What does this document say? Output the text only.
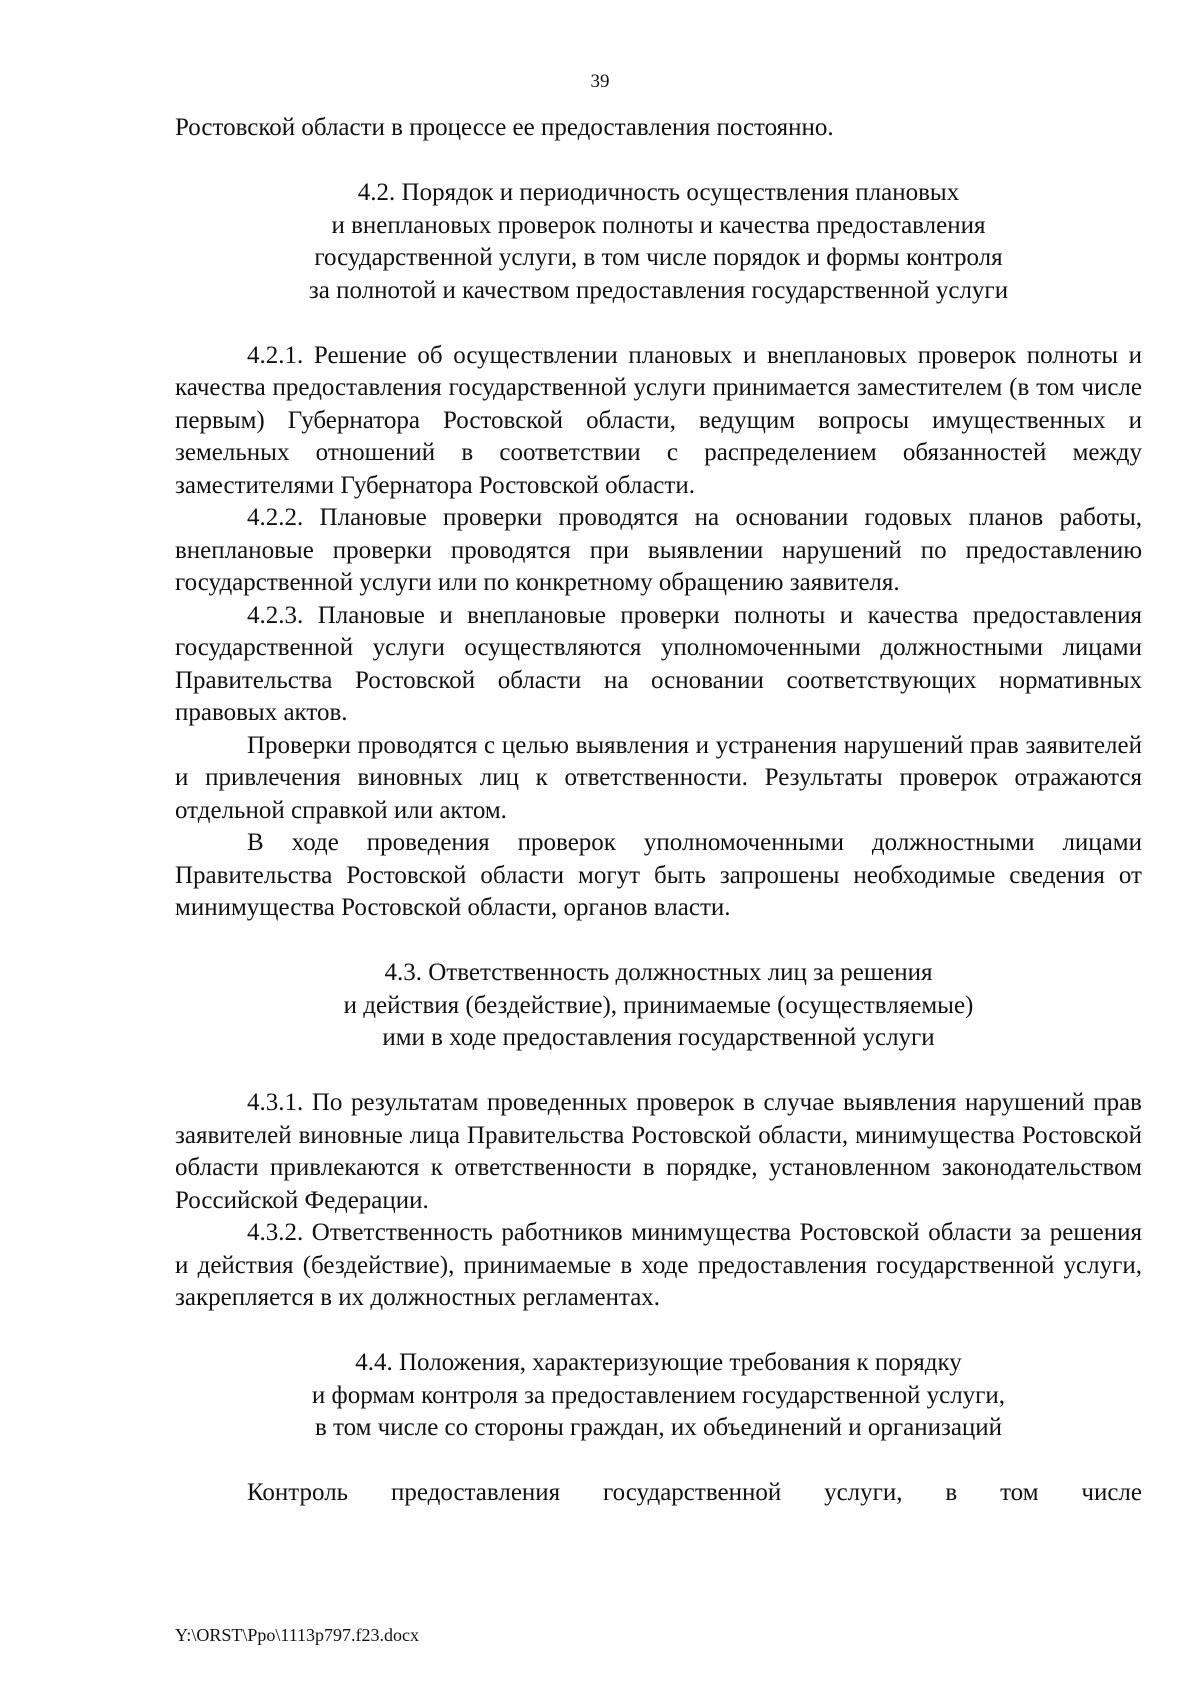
39

Ростовской области в процессе ее предоставления постоянно.

4.2. Порядок и периодичность осуществления плановых

и внеплановых проверок полноты и качества предоставления

государственной услуги, в том числе порядок и формы контроля

за полнотой и качеством предоставления государственной услуги

4.2.1. Решение об осуществлении плановых и внеплановых проверок полноты и качества предоставления государственной услуги принимается заместителем (в том числе первым) Губернатора Ростовской области, ведущим вопросы имущественных и земельных отношений в соответствии с распределением обязанностей между заместителями Губернатора Ростовской области.

4.2.2. Плановые проверки проводятся на основании годовых планов работы, внеплановые проверки проводятся при выявлении нарушений по предоставлению государственной услуги или по конкретному обращению заявителя.

4.2.3. Плановые и внеплановые проверки полноты и качества предоставления государственной услуги осуществляются уполномоченными должностными лицами Правительства Ростовской области на основании соответствующих нормативных правовых актов.

Проверки проводятся с целью выявления и устранения нарушений прав заявителей и привлечения виновных лиц к ответственности. Результаты проверок отражаются отдельной справкой или актом.

В ходе проведения проверок уполномоченными должностными лицами Правительства Ростовской области могут быть запрошены необходимые сведения от минимущества Ростовской области, органов власти.

4.3. Ответственность должностных лиц за решения

и действия (бездействие), принимаемые (осуществляемые)

ими в ходе предоставления государственной услуги

4.3.1. По результатам проведенных проверок в случае выявления нарушений прав заявителей виновные лица Правительства Ростовской области, минимущества Ростовской области привлекаются к ответственности в порядке, установленном законодательством Российской Федерации.

4.3.2. Ответственность работников минимущества Ростовской области за решения и действия (бездействие), принимаемые в ходе предоставления государственной услуги, закрепляется в их должностных регламентах.

4.4. Положения, характеризующие требования к порядку

и формам контроля за предоставлением государственной услуги,

в том числе со стороны граждан, их объединений и организаций

Контроль предоставления государственной услуги, в том числе

Y:\ORST\Ppo\1113p797.f23.docx
